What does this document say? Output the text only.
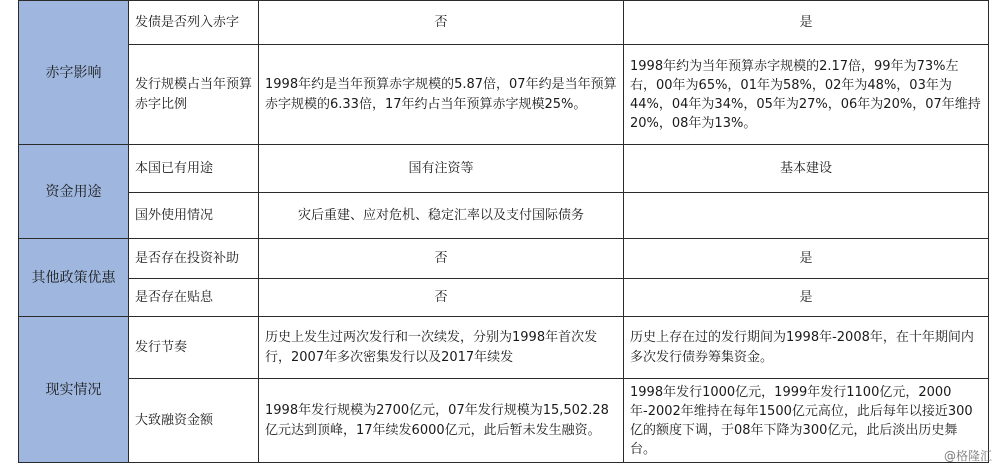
赤字影响	发债是否列入赤字	否	是
	发行规模占当年预算赤字比例	1998年约是当年预算赤字规模的5.87倍，07年约是当年预算赤字规模的6.33倍，17年约占当年预算赤字规模25%。	1998年约为当年预算赤字规模的2.17倍，99年为73%左右，00年为65%，01年为58%，02年为48%，03年为44%，04年为34%，05年为27%，06年为20%，07年维持20%，08年为13%。
资金用途	本国已有用途	国有注资等	基本建设
	国外使用情况	灾后重建、应对危机、稳定汇率以及支付国际债务	
其他政策优惠	是否存在投资补助	否	是
	是否存在贴息	否	是
现实情况	发行节奏	历史上发生过两次发行和一次续发，分别为1998年首次发行，2007年多次密集发行以及2017年续发	历史上存在过的发行期间为1998年-2008年，在十年期间内多次发行债券筹集资金。
	大致融资金额	1998年发行规模为2700亿元，07年发行规模为15,502.28亿元达到顶峰，17年续发6000亿元，此后暂未发生融资。	1998年发行1000亿元，1999年发行1100亿元，2000年-2002年维持在每年1500亿元高位，此后每年以接近300亿的额度下调，于08年下降为300亿元，此后淡出历史舞台。	@格隆汇
